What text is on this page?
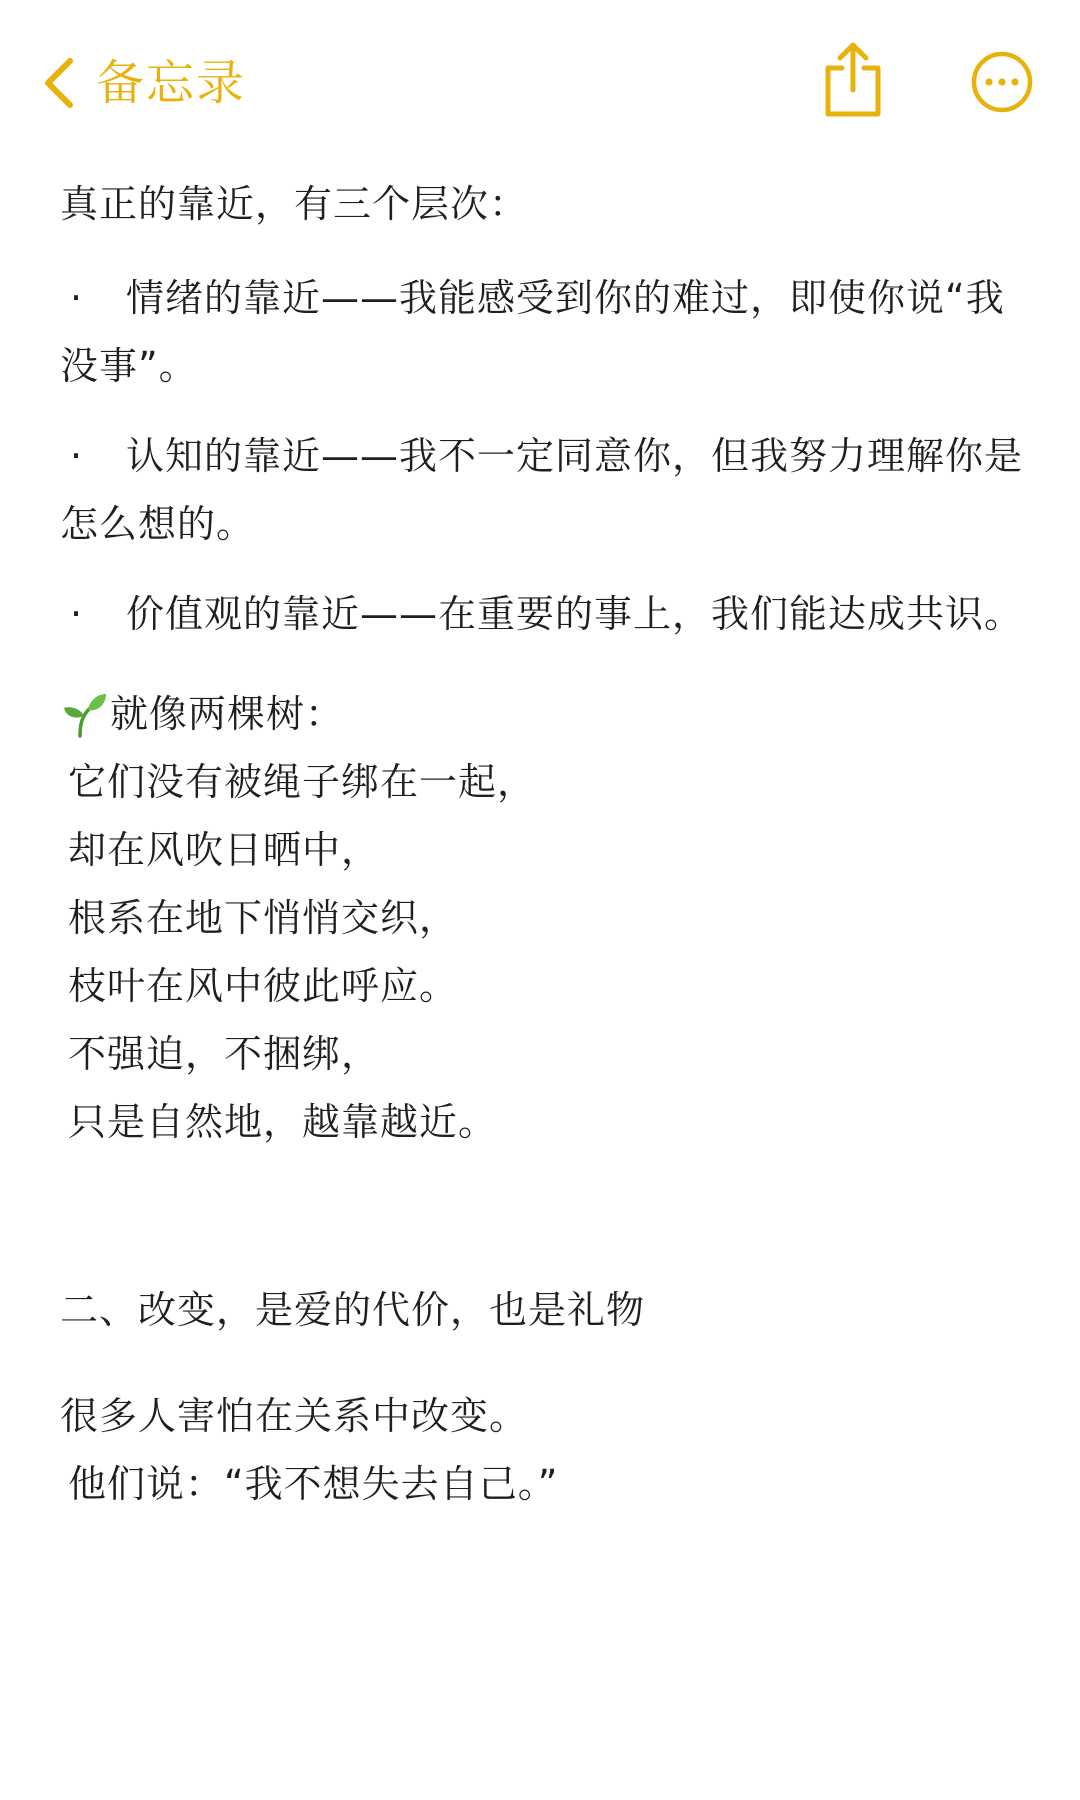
备忘录

真正的靠近，有三个层次：

· 情绪的靠近——我能感受到你的难过，即使你说“我没事”。

· 认知的靠近——我不一定同意你，但我努力理解你是怎么想的。

· 价值观的靠近——在重要的事上，我们能达成共识。

就像两棵树：
它们没有被绳子绑在一起，
却在风吹日晒中，
根系在地下悄悄交织，
枝叶在风中彼此呼应。
不强迫，不捆绑，
只是自然地，越靠越近。
二、改变，是爱的代价，也是礼物
很多人害怕在关系中改变。
他们说：“我不想失去自己。”
